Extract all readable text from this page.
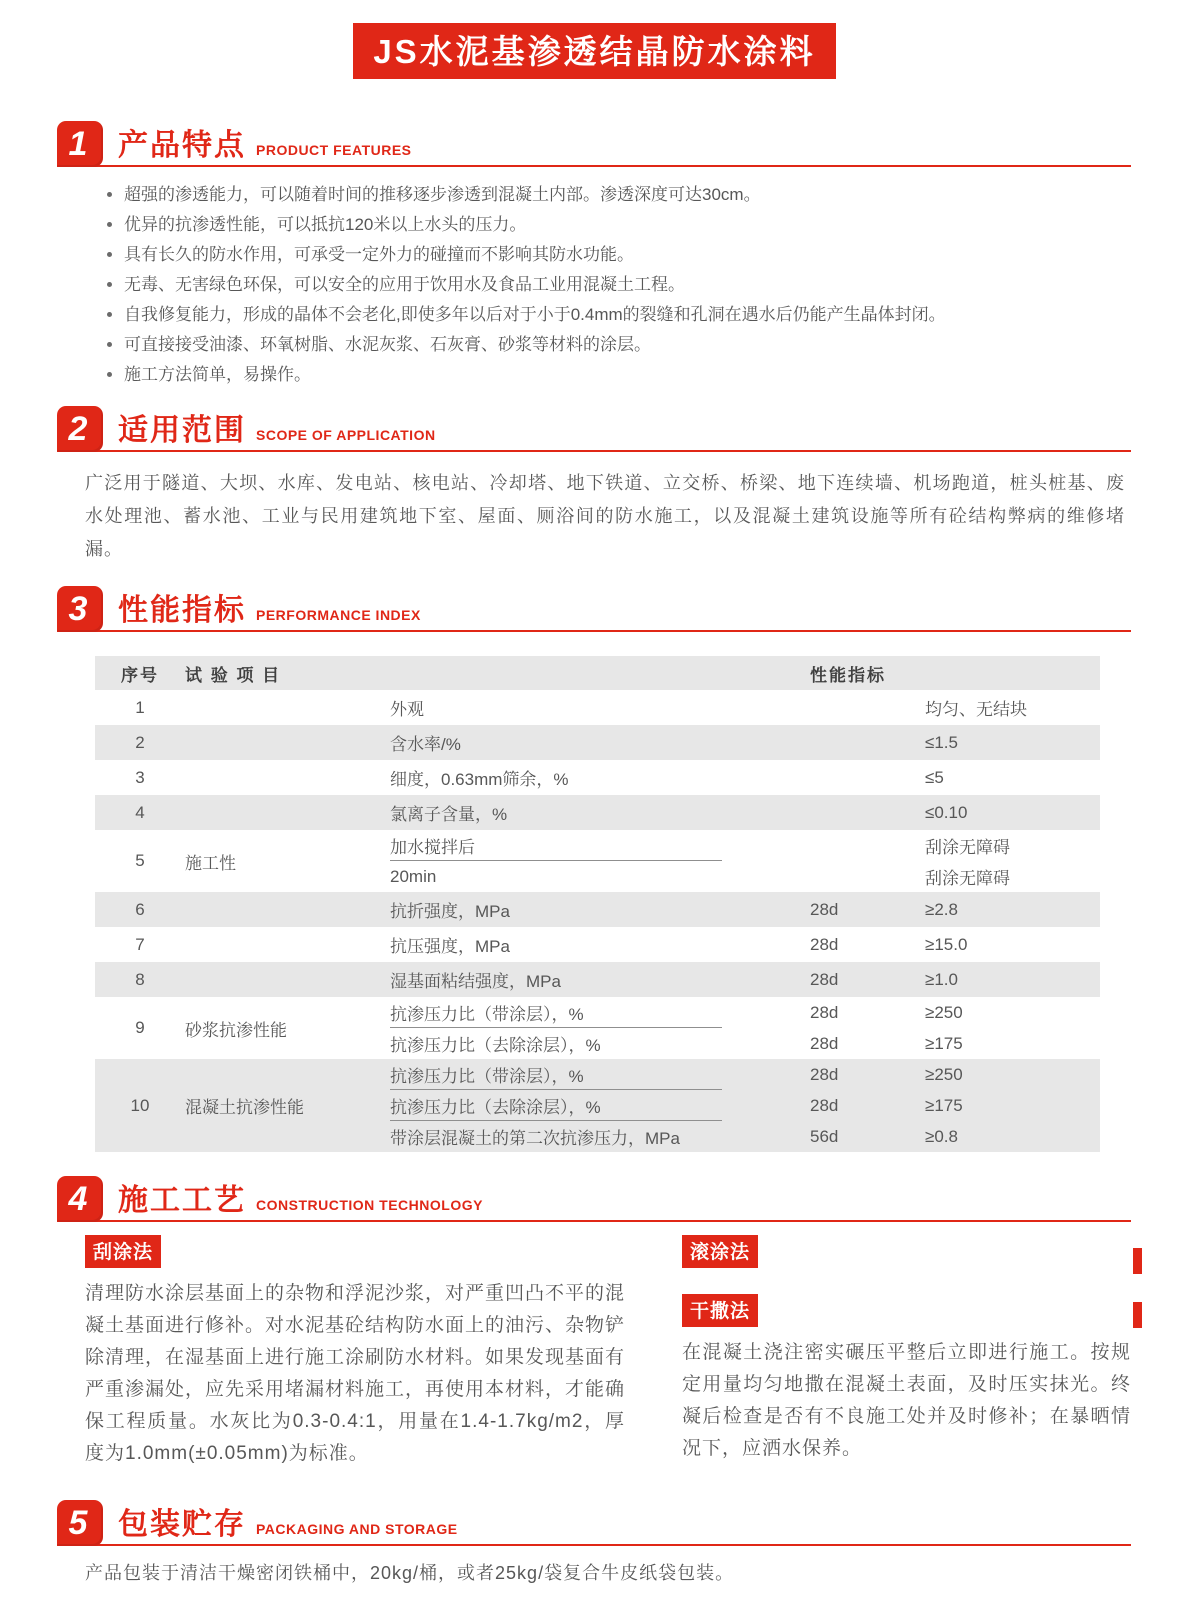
JS水泥基渗透结晶防水涂料
1 产品特点 PRODUCT FEATURES
超强的渗透能力，可以随着时间的推移逐步渗透到混凝土内部。渗透深度可达30cm。
优异的抗渗透性能，可以抵抗120米以上水头的压力。
具有长久的防水作用，可承受一定外力的碰撞而不影响其防水功能。
无毒、无害绿色环保，可以安全的应用于饮用水及食品工业用混凝土工程。
自我修复能力，形成的晶体不会老化,即使多年以后对于小于0.4mm的裂缝和孔洞在遇水后仍能产生晶体封闭。
可直接接受油漆、环氧树脂、水泥灰浆、石灰膏、砂浆等材料的涂层。
施工方法简单，易操作。
2 适用范围 SCOPE OF APPLICATION

广泛用于隧道、大坝、水库、发电站、核电站、冷却塔、地下铁道、立交桥、桥梁、地下连续墙、机场跑道，桩头桩基、废水处理池、蓄水池、工业与民用建筑地下室、屋面、厕浴间的防水施工，以及混凝土建筑设施等所有砼结构弊病的维修堵漏。

3 性能指标 PERFORMANCE INDEX
序号	试 验 项 目	性能指标
1	外观	均匀、无结块
2	含水率/%	≤1.5
3	细度，0.63mm筛余，%	≤5
4	氯离子含量，%	≤0.10
5	施工性
加水搅拌后	刮涂无障碍
20min	刮涂无障碍
6	抗折强度，MPa	28d	≥2.8
7	抗压强度，MPa	28d	≥15.0
8	湿基面粘结强度，MPa	28d	≥1.0
9	砂浆抗渗性能
抗渗压力比（带涂层），%	28d	≥250
抗渗压力比（去除涂层），%	28d	≥175
10	混凝土抗渗性能
抗渗压力比（带涂层），%	28d	≥250
抗渗压力比（去除涂层），%	28d	≥175
带涂层混凝土的第二次抗渗压力，MPa	56d	≥0.8
4 施工工艺 CONSTRUCTION TECHNOLOGY
刮涂法

清理防水涂层基面上的杂物和浮泥沙浆，对严重凹凸不平的混凝土基面进行修补。对水泥基砼结构防水面上的油污、杂物铲除清理，在湿基面上进行施工涂刷防水材料。如果发现基面有严重渗漏处，应先采用堵漏材料施工，再使用本材料，才能确保工程质量。水灰比为0.3-0.4:1，用量在1.4-1.7kg/m2，厚度为1.0mm(±0.05mm)为标准。

滚涂法
干撒法

在混凝土浇注密实碾压平整后立即进行施工。按规定用量均匀地撒在混凝土表面，及时压实抹光。终凝后检查是否有不良施工处并及时修补；在暴晒情况下，应洒水保养。

5 包装贮存 PACKAGING AND STORAGE

产品包装于清洁干燥密闭铁桶中，20kg/桶，或者25kg/袋复合牛皮纸袋包装。
